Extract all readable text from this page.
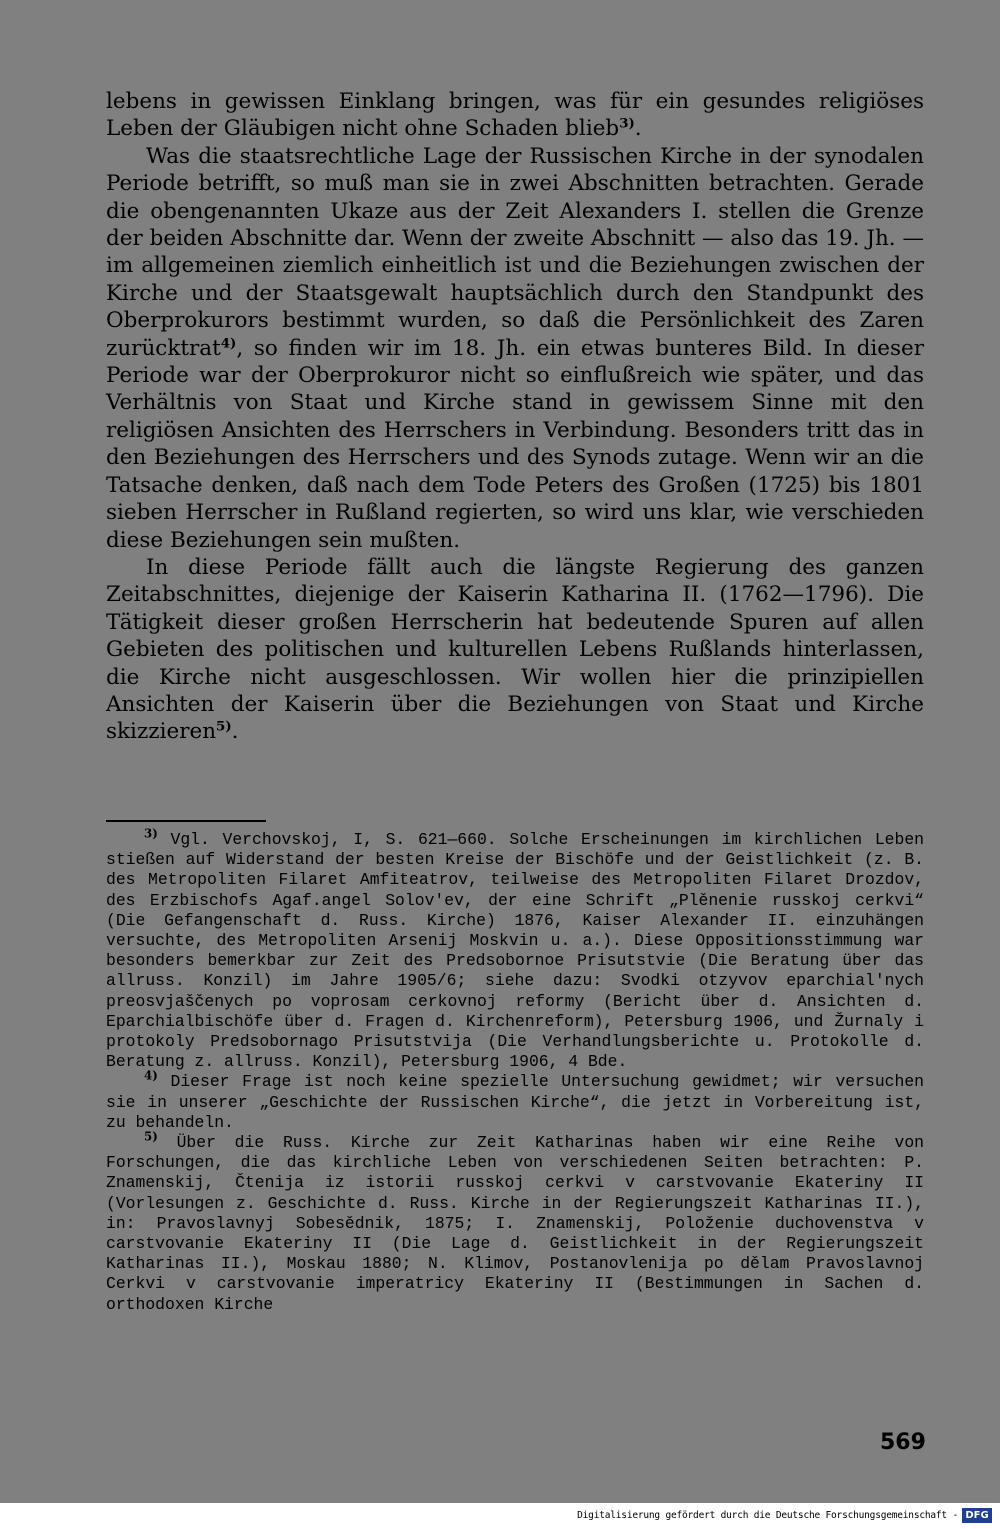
lebens in gewissen Einklang bringen, was für ein gesundes religiöses Leben der Gläubigen nicht ohne Schaden blieb$^{3)}$.

Was die staatsrechtliche Lage der Russischen Kirche in der synodalen Periode betrifft, so muß man sie in zwei Abschnitten betrachten. Gerade die obengenannten Ukaze aus der Zeit Alexanders I. stellen die Grenze der beiden Abschnitte dar. Wenn der zweite Abschnitt — also das 19. Jh. — im allgemeinen ziemlich einheitlich ist und die Beziehungen zwischen der Kirche und der Staatsgewalt hauptsächlich durch den Standpunkt des Oberprokurors bestimmt wurden, so daß die Persönlichkeit des Zaren zurücktrat$^{4)}$, so finden wir im 18. Jh. ein etwas bunteres Bild. In dieser Periode war der Oberprokuror nicht so einflußreich wie später, und das Verhältnis von Staat und Kirche stand in gewissem Sinne mit den religiösen Ansichten des Herrschers in Verbindung. Besonders tritt das in den Beziehungen des Herrschers und des Synods zutage. Wenn wir an die Tatsache denken, daß nach dem Tode Peters des Großen (1725) bis 1801 sieben Herrscher in Rußland regierten, so wird uns klar, wie verschieden diese Beziehungen sein mußten.

In diese Periode fällt auch die längste Regierung des ganzen Zeitabschnittes, diejenige der Kaiserin Katharina II. (1762—1796). Die Tätigkeit dieser großen Herrscherin hat bedeutende Spuren auf allen Gebieten des politischen und kulturellen Lebens Rußlands hinterlassen, die Kirche nicht ausgeschlossen. Wir wollen hier die prinzipiellen Ansichten der Kaiserin über die Beziehungen von Staat und Kirche skizzieren$^{5)}$.

$^{3)}$ Vgl. Verchovskoj, I, S. 621—660. Solche Erscheinungen im kirchlichen Leben stießen auf Widerstand der besten Kreise der Bischöfe und der Geistlichkeit (z. B. des Metropoliten Filaret Amfiteatrov, teilweise des Metropoliten Filaret Drozdov, des Erzbischofs Agaf.angel Solov'ev, der eine Schrift „Plěnenie russkoj cerkvi“ (Die Gefangenschaft d. Russ. Kirche) 1876, Kaiser Alexander II. einzuhängen versuchte, des Metropoliten Arsenij Moskvin u. a.). Diese Oppositionsstimmung war besonders bemerkbar zur Zeit des Predsobornoe Prisutstvie (Die Beratung über das allruss. Konzil) im Jahre 1905/6; siehe dazu: Svodki otzyvov eparchial'nych preosvjaščenych po voprosam cerkovnoj reformy (Bericht über d. Ansichten d. Eparchialbischöfe über d. Fragen d. Kirchenreform), Petersburg 1906, und Žurnaly i protokoly Predsobornago Prisutstvija (Die Verhandlungsberichte u. Protokolle d. Beratung z. allruss. Konzil), Petersburg 1906, 4 Bde.

$^{4)}$ Dieser Frage ist noch keine spezielle Untersuchung gewidmet; wir versuchen sie in unserer „Geschichte der Russischen Kirche“, die jetzt in Vorbereitung ist, zu behandeln.

$^{5)}$ Über die Russ. Kirche zur Zeit Katharinas haben wir eine Reihe von Forschungen, die das kirchliche Leben von verschiedenen Seiten betrachten: P. Znamenskij, Čtenija iz istorii russkoj cerkvi v carstvovanie Ekateriny II (Vorlesungen z. Geschichte d. Russ. Kirche in der Regierungszeit Katharinas II.), in: Pravoslavnyj Sobesědnik, 1875; I. Znamenskij, Položenie duchovenstva v carstvovanie Ekateriny II (Die Lage d. Geistlichkeit in der Regierungszeit Katharinas II.), Moskau 1880; N. Klimov, Postanovlenija po dělam Pravoslavnoj Cerkvi v carstvovanie imperatricy Ekateriny II (Bestimmungen in Sachen d. orthodoxen Kirche

569
Digitalisierung gefördert durch die Deutsche Forschungsgemeinschaft - DFG
